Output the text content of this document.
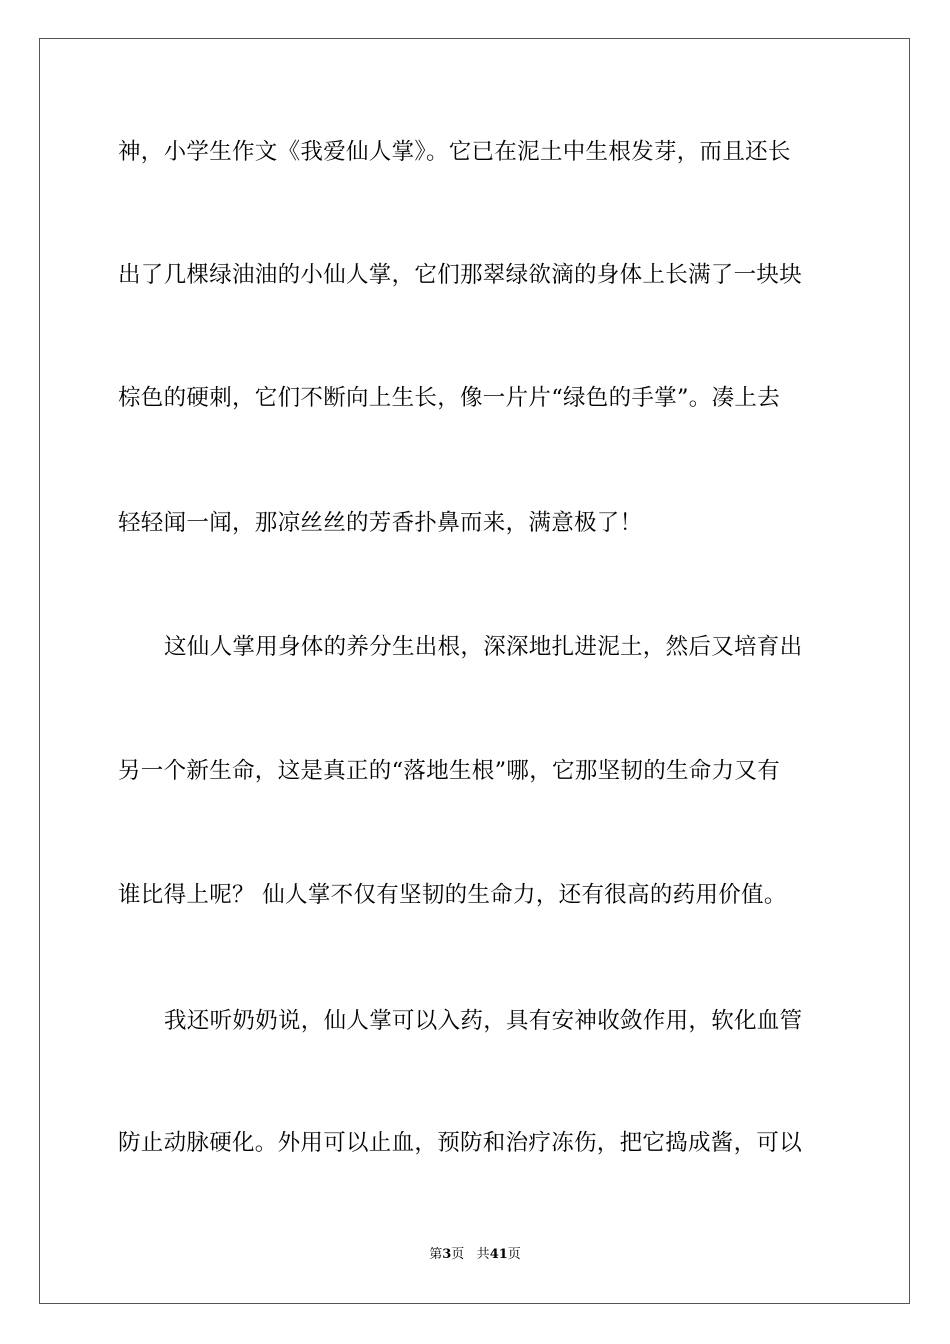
神，小学生作文《我爱仙人掌》。它已在泥土中生根发芽，而且还长
出了几棵绿油油的小仙人掌，它们那翠绿欲滴的身体上长满了一块块
棕色的硬刺，它们不断向上生长，像一片片“绿色的手掌”。凑上去
轻轻闻一闻，那凉丝丝的芳香扑鼻而来，满意极了！
这仙人掌用身体的养分生出根，深深地扎进泥土，然后又培育出
另一个新生命，这是真正的“落地生根”哪，它那坚韧的生命力又有
谁比得上呢？ 仙人掌不仅有坚韧的生命力，还有很高的药用价值。
我还听奶奶说，仙人掌可以入药，具有安神收敛作用，软化血管
防止动脉硬化。外用可以止血，预防和治疗冻伤，把它捣成酱，可以
第3页 共41页
